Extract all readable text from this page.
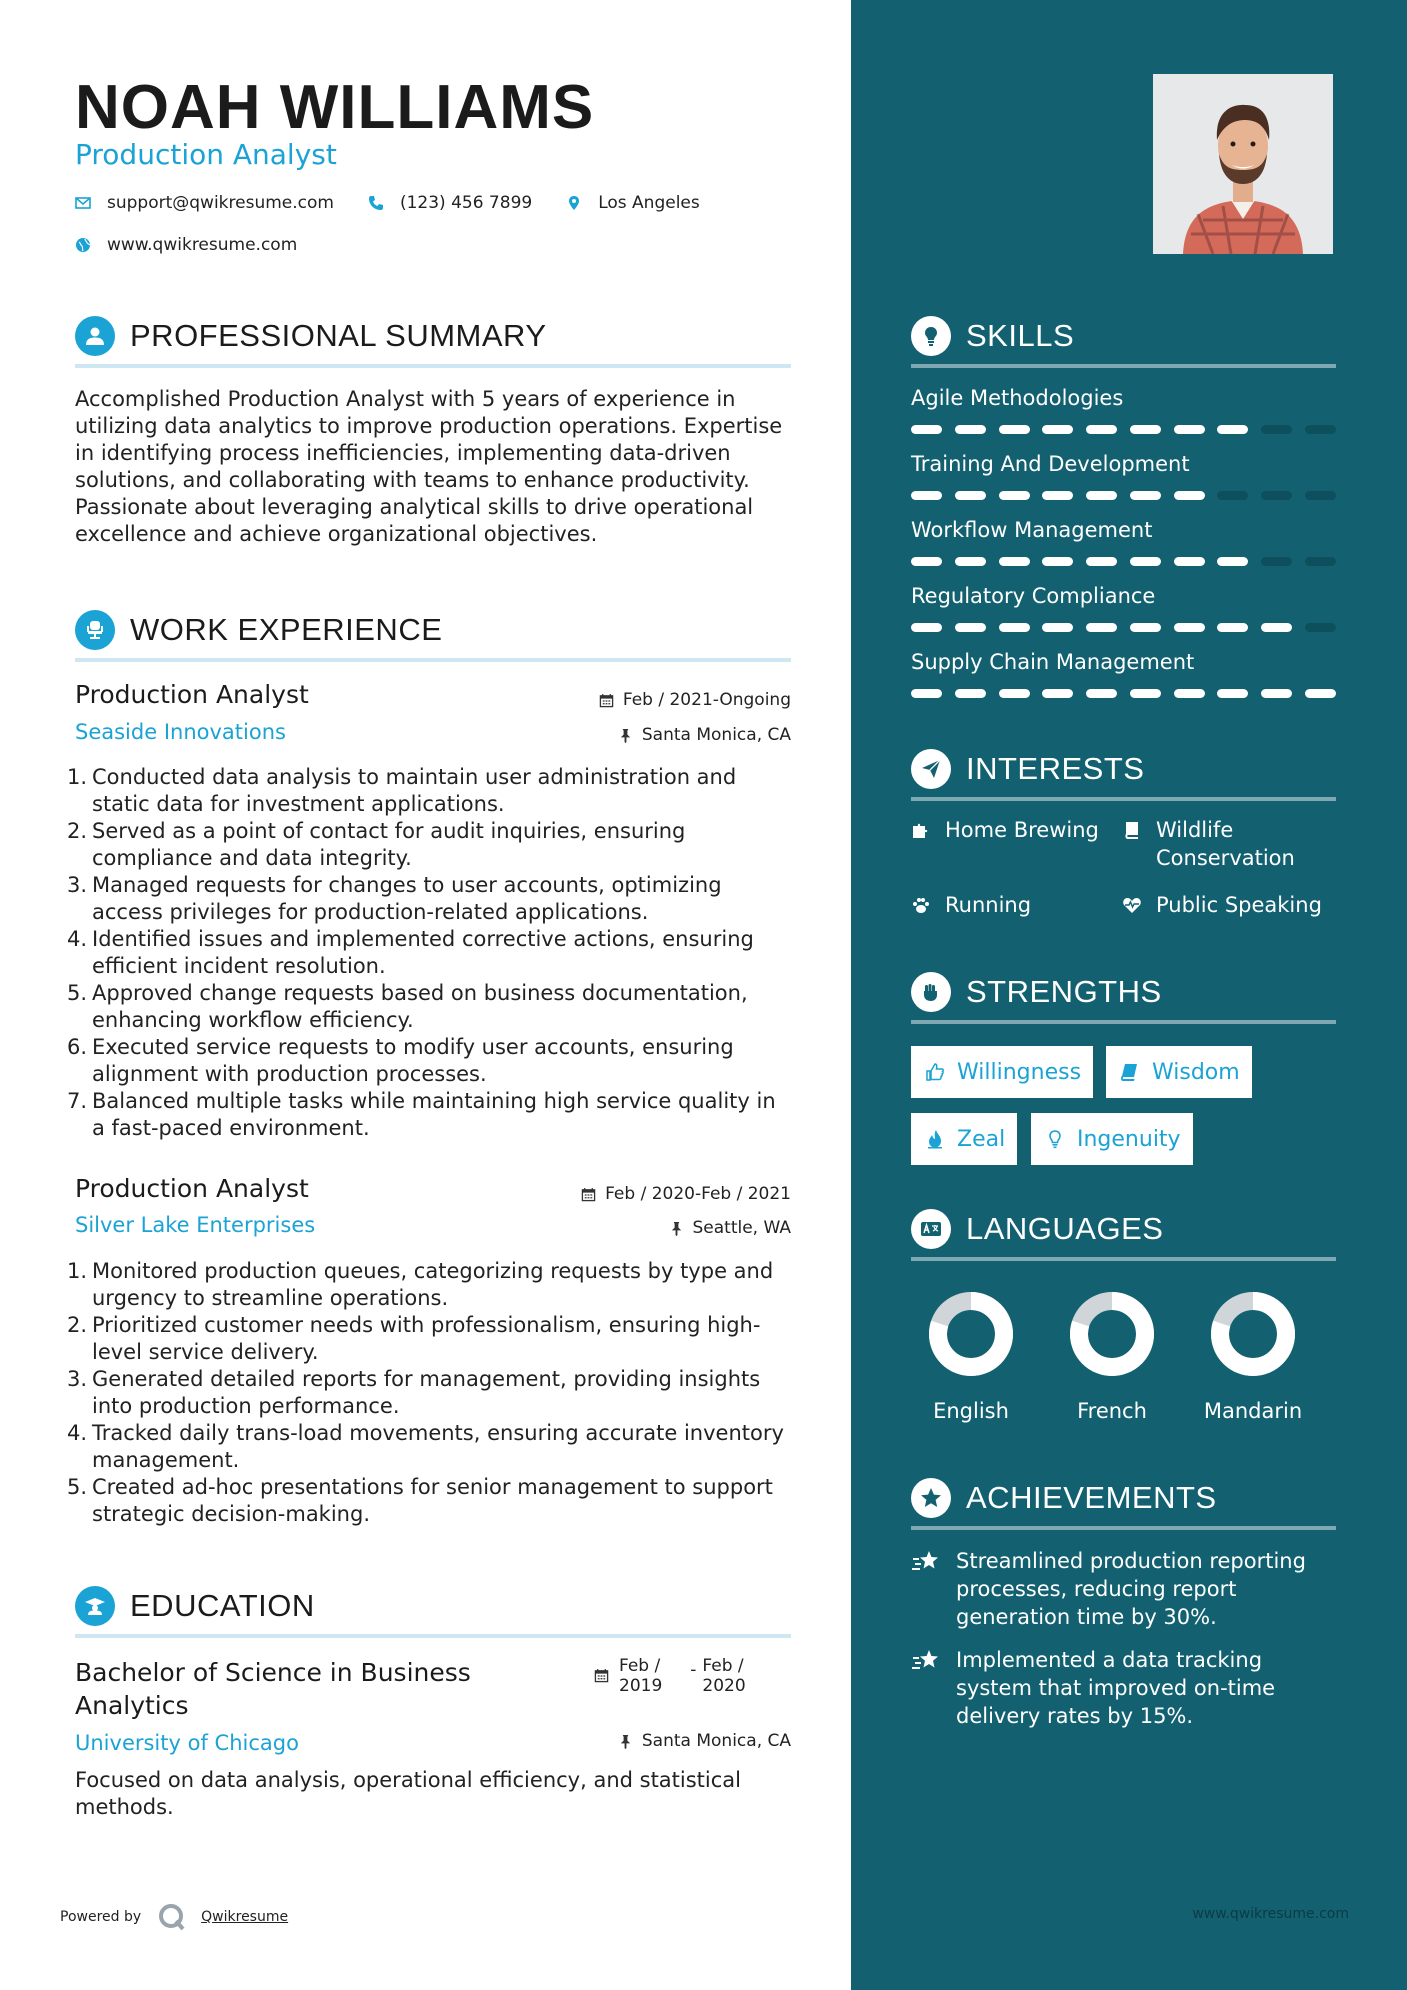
NOAH WILLIAMS
Production Analyst
support@qwikresume.com	(123) 456 7899	Los Angeles
www.qwikresume.com
PROFESSIONAL SUMMARY
Accomplished Production Analyst with 5 years of experience in utilizing data analytics to improve production operations. Expertise in identifying process inefficiencies, implementing data-driven solutions, and collaborating with teams to enhance productivity. Passionate about leveraging analytical skills to drive operational excellence and achieve organizational objectives.
WORK EXPERIENCE
Production Analyst	Feb / 2021-Ongoing
Seaside Innovations	Santa Monica, CA
1. Conducted data analysis to maintain user administration and static data for investment applications.
2. Served as a point of contact for audit inquiries, ensuring compliance and data integrity.
3. Managed requests for changes to user accounts, optimizing access privileges for production-related applications.
4. Identified issues and implemented corrective actions, ensuring efficient incident resolution.
5. Approved change requests based on business documentation, enhancing workflow efficiency.
6. Executed service requests to modify user accounts, ensuring alignment with production processes.
7. Balanced multiple tasks while maintaining high service quality in a fast-paced environment.
Production Analyst	Feb / 2020-Feb / 2021
Silver Lake Enterprises	Seattle, WA
1. Monitored production queues, categorizing requests by type and urgency to streamline operations.
2. Prioritized customer needs with professionalism, ensuring high-level service delivery.
3. Generated detailed reports for management, providing insights into production performance.
4. Tracked daily trans-load movements, ensuring accurate inventory management.
5. Created ad-hoc presentations for senior management to support strategic decision-making.
EDUCATION
Bachelor of Science in Business
Analytics
Feb /
2019
- Feb /
2020
University of Chicago	Santa Monica, CA
Focused on data analysis, operational efficiency, and statistical methods.
Powered by	Qwikresume
SKILLS
Agile Methodologies
Training And Development
Workflow Management
Regulatory Compliance
Supply Chain Management
INTERESTS
Home Brewing	Wildlife
Conservation
Running	Public Speaking
STRENGTHS
Willingness	Wisdom
Zeal	Ingenuity
LANGUAGES
English	French	Mandarin
ACHIEVEMENTS
Streamlined production reporting
processes, reducing report
generation time by 30%.
Implemented a data tracking
system that improved on-time
delivery rates by 15%.
www.qwikresume.com
